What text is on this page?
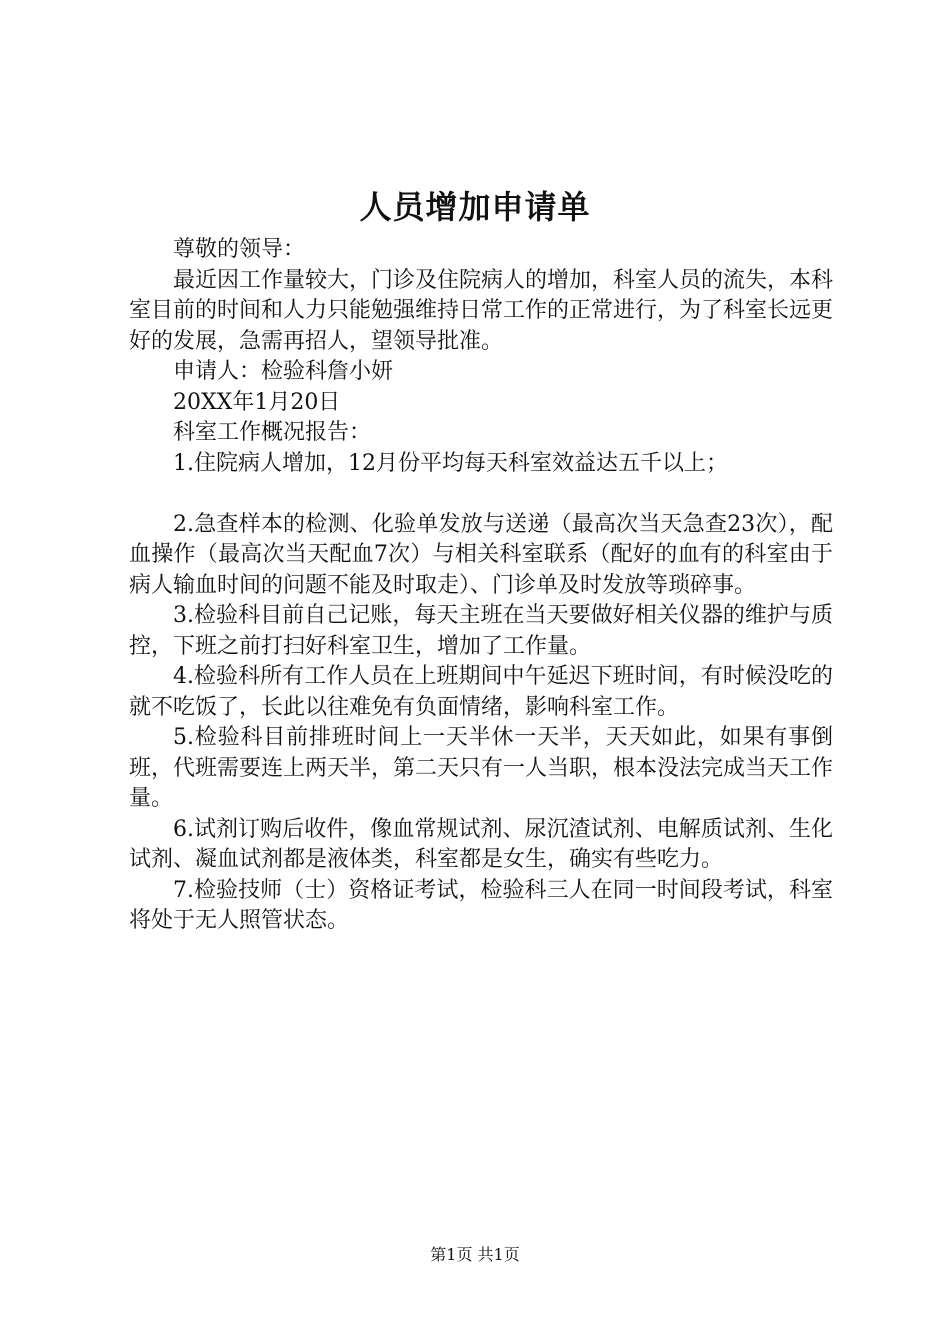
人员增加申请单

尊敬的领导：

最近因工作量较大，门诊及住院病人的增加，科室人员的流失，本科室目前的时间和人力只能勉强维持日常工作的正常进行，为了科室长远更好的发展，急需再招人，望领导批准。

申请人：检验科詹小妍

20XX年1月20日

科室工作概况报告：

1.住院病人增加，12月份平均每天科室效益达五千以上；

2.急查样本的检测、化验单发放与送递（最高次当天急查23次），配血操作（最高次当天配血7次）与相关科室联系（配好的血有的科室由于病人输血时间的问题不能及时取走）、门诊单及时发放等琐碎事。

3.检验科目前自己记账，每天主班在当天要做好相关仪器的维护与质控，下班之前打扫好科室卫生，增加了工作量。

4.检验科所有工作人员在上班期间中午延迟下班时间，有时候没吃的就不吃饭了，长此以往难免有负面情绪，影响科室工作。

5.检验科目前排班时间上一天半休一天半，天天如此，如果有事倒班，代班需要连上两天半，第二天只有一人当职，根本没法完成当天工作量。

6.试剂订购后收件，像血常规试剂、尿沉渣试剂、电解质试剂、生化试剂、凝血试剂都是液体类，科室都是女生，确实有些吃力。

7.检验技师（士）资格证考试，检验科三人在同一时间段考试，科室将处于无人照管状态。

第1页 共1页
